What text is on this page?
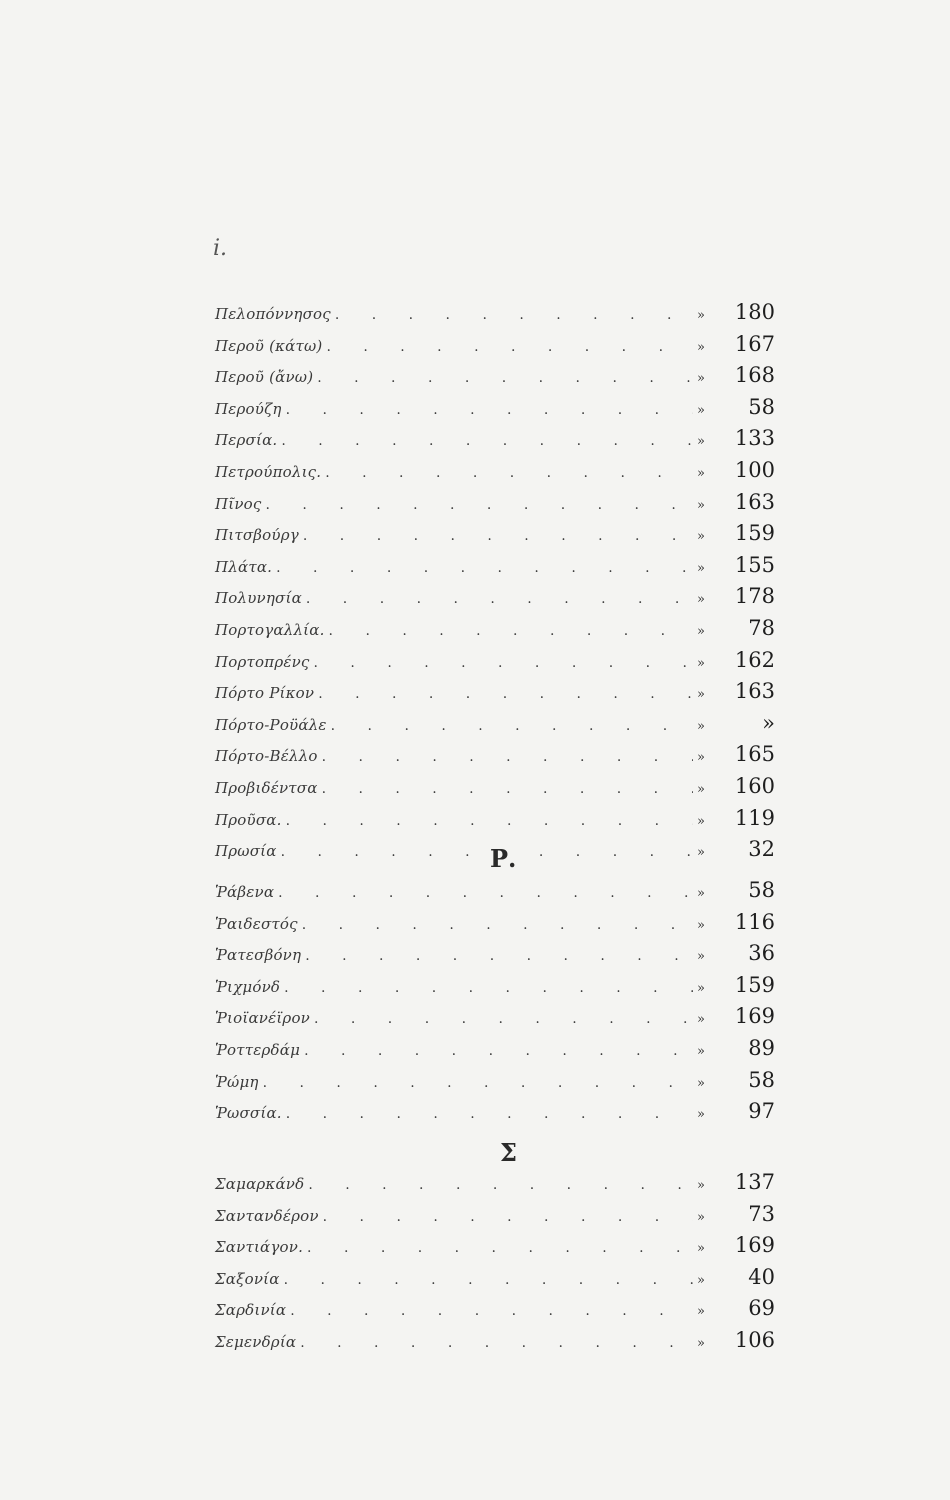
i.
Πελοπόννησος . . .	»	180
Περοῦ (κάτω) . . .	»	167
Περοῦ (ἄνω) . . .	»	168
Περούζη . . .	»	58
Περσία. . . .	»	133
Πετρούπολις. . . .	»	100
Πῖνος . . .	»	163
Πιτσβούργ . . .	»	159
Πλάτα. . . .	»	155
Πολυνησία . . .	»	178
Πορτογαλλία. . . .	»	78
Πορτοπρένς . . .	»	162
Πόρτο Ρίκον . . .	»	163
Πόρτο-Ροϋάλε . . .	»	»
Πόρτο-Βέλλο . . .	»	165
Προβιδέντσα . . .	»	160
Προῦσα. . . .	»	119
Πρωσία . . .	»	32
Ρ.
Ῥάβενα . . .	»	58
Ῥαιδεστός . . .	»	116
Ῥατεσβόνη . . .	»	36
Ῥιχμόνδ . . .	»	159
Ῥιοϊανέϊρον . . .	»	169
Ῥοττερδάμ . . .	»	89
Ῥώμη . . .	»	58
Ῥωσσία. . . .	»	97
Σ
Σαμαρκάνδ . . .	»	137
Σαντανδέρον . . .	»	73
Σαντιάγον. . . .	»	169
Σαξονία . . .	»	40
Σαρδινία . . .	»	69
Σεμενδρία . . .	»	106
